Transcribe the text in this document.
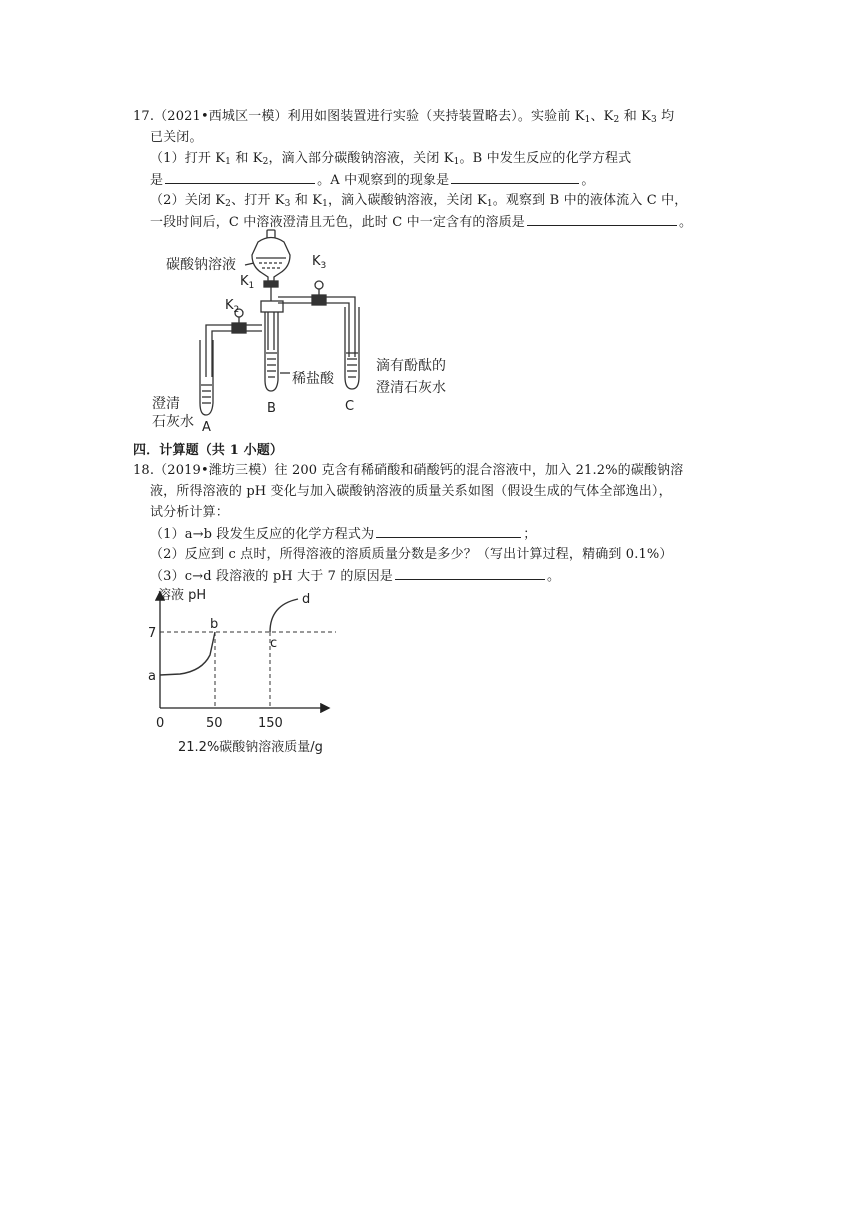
17.（2021•西城区一模）利用如图装置进行实验（夹持装置略去）。实验前 $K_1$、$K_2$ 和 $K_3$ 均
已关闭。
（1）打开 $K_1$ 和 $K_2$，滴入部分碳酸钠溶液，关闭 $K_1$。B 中发生反应的化学方程式
是	。A 中观察到的现象是	。
（2）关闭 $K_2$、打开 $K_3$ 和 $K_1$，滴入碳酸钠溶液，关闭 $K_1$。观察到 B 中的液体流入 C 中，
一段时间后，C 中溶液澄清且无色，此时 C 中一定含有的溶质是	。
碳酸钠溶液
$K_1$
$K_2$
$K_3$
稀盐酸
澄清
石灰水 A
B	C
滴有酚酞的
澄清石灰水
四．计算题（共 1 小题）
18.（2019•潍坊三模）往 200 克含有稀硝酸和硝酸钙的混合溶液中，加入 21.2%的碳酸钠溶
液，所得溶液的 pH 变化与加入碳酸钠溶液的质量关系如图（假设生成的气体全部逸出），
试分析计算：
（1）a→b 段发生反应的化学方程式为	；
（2）反应到 c 点时，所得溶液的溶质质量分数是多少？（写出计算过程，精确到 0.1%）
（3）c→d 段溶液的 pH 大于 7 的原因是	。
0	50	150
7
a
b
c
d
溶液 pH
21.2%碳酸钠溶液质量/g
